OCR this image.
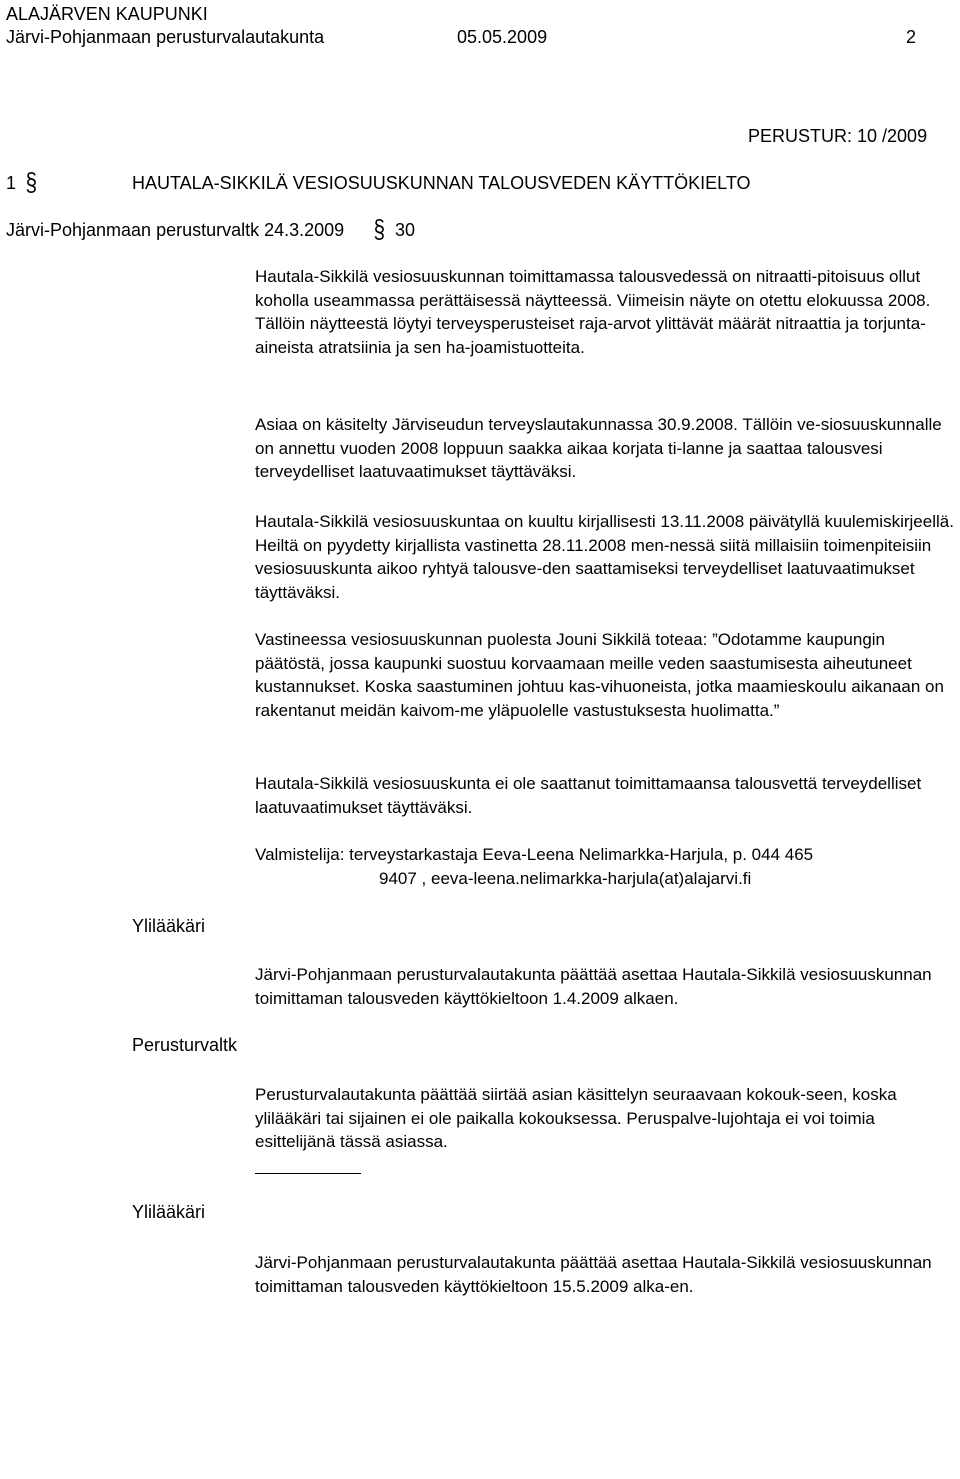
ALAJÄRVEN KAUPUNKI
Järvi-Pohjanmaan perusturvalautakunta	05.05.2009	2
PERUSTUR: 10 /2009
1 §	HAUTALA-SIKKILÄ VESIOSUUSKUNNAN TALOUSVEDEN KÄYTTÖKIELTO
Järvi-Pohjanmaan perusturvaltk 24.3.2009 § 30

Hautala-Sikkilä vesiosuuskunnan toimittamassa talousvedessä on nitraatti-pitoisuus ollut koholla useammassa perättäisessä näytteessä. Viimeisin näyte on otettu elokuussa 2008. Tällöin näytteestä löytyi terveysperusteiset raja-arvot ylittävät määrät nitraattia ja torjunta-aineista atratsiinia ja sen ha-joamistuotteita.

Asiaa on käsitelty Järviseudun terveyslautakunnassa 30.9.2008. Tällöin ve-siosuuskunnalle on annettu vuoden 2008 loppuun saakka aikaa korjata ti-lanne ja saattaa talousvesi terveydelliset laatuvaatimukset täyttäväksi.

Hautala-Sikkilä vesiosuuskuntaa on kuultu kirjallisesti 13.11.2008 päivätyllä kuulemiskirjeellä. Heiltä on pyydetty kirjallista vastinetta 28.11.2008 men-nessä siitä millaisiin toimenpiteisiin vesiosuuskunta aikoo ryhtyä talousve-den saattamiseksi terveydelliset laatuvaatimukset täyttäväksi.

Vastineessa vesiosuuskunnan puolesta Jouni Sikkilä toteaa: ”Odotamme kaupungin päätöstä, jossa kaupunki suostuu korvaamaan meille veden saastumisesta aiheutuneet kustannukset. Koska saastuminen johtuu kas-vihuoneista, jotka maamieskoulu aikanaan on rakentanut meidän kaivom-me yläpuolelle vastustuksesta huolimatta.”

Hautala-Sikkilä vesiosuuskunta ei ole saattanut toimittamaansa talousvettä terveydelliset laatuvaatimukset täyttäväksi.

Valmistelija: terveystarkastaja Eeva-Leena Nelimarkka-Harjula, p. 044 465
9407 , eeva-leena.nelimarkka-harjula(at)alajarvi.fi
Ylilääkäri
Perusturvaltk
Ylilääkäri

Järvi-Pohjanmaan perusturvalautakunta päättää asettaa Hautala-Sikkilä vesiosuuskunnan toimittaman talousveden käyttökieltoon 1.4.2009 alkaen.

Perusturvalautakunta päättää siirtää asian käsittelyn seuraavaan kokouk-seen, koska ylilääkäri tai sijainen ei ole paikalla kokouksessa. Peruspalve-lujohtaja ei voi toimia esittelijänä tässä asiassa.

Järvi-Pohjanmaan perusturvalautakunta päättää asettaa Hautala-Sikkilä vesiosuuskunnan toimittaman talousveden käyttökieltoon 15.5.2009 alka-en.
